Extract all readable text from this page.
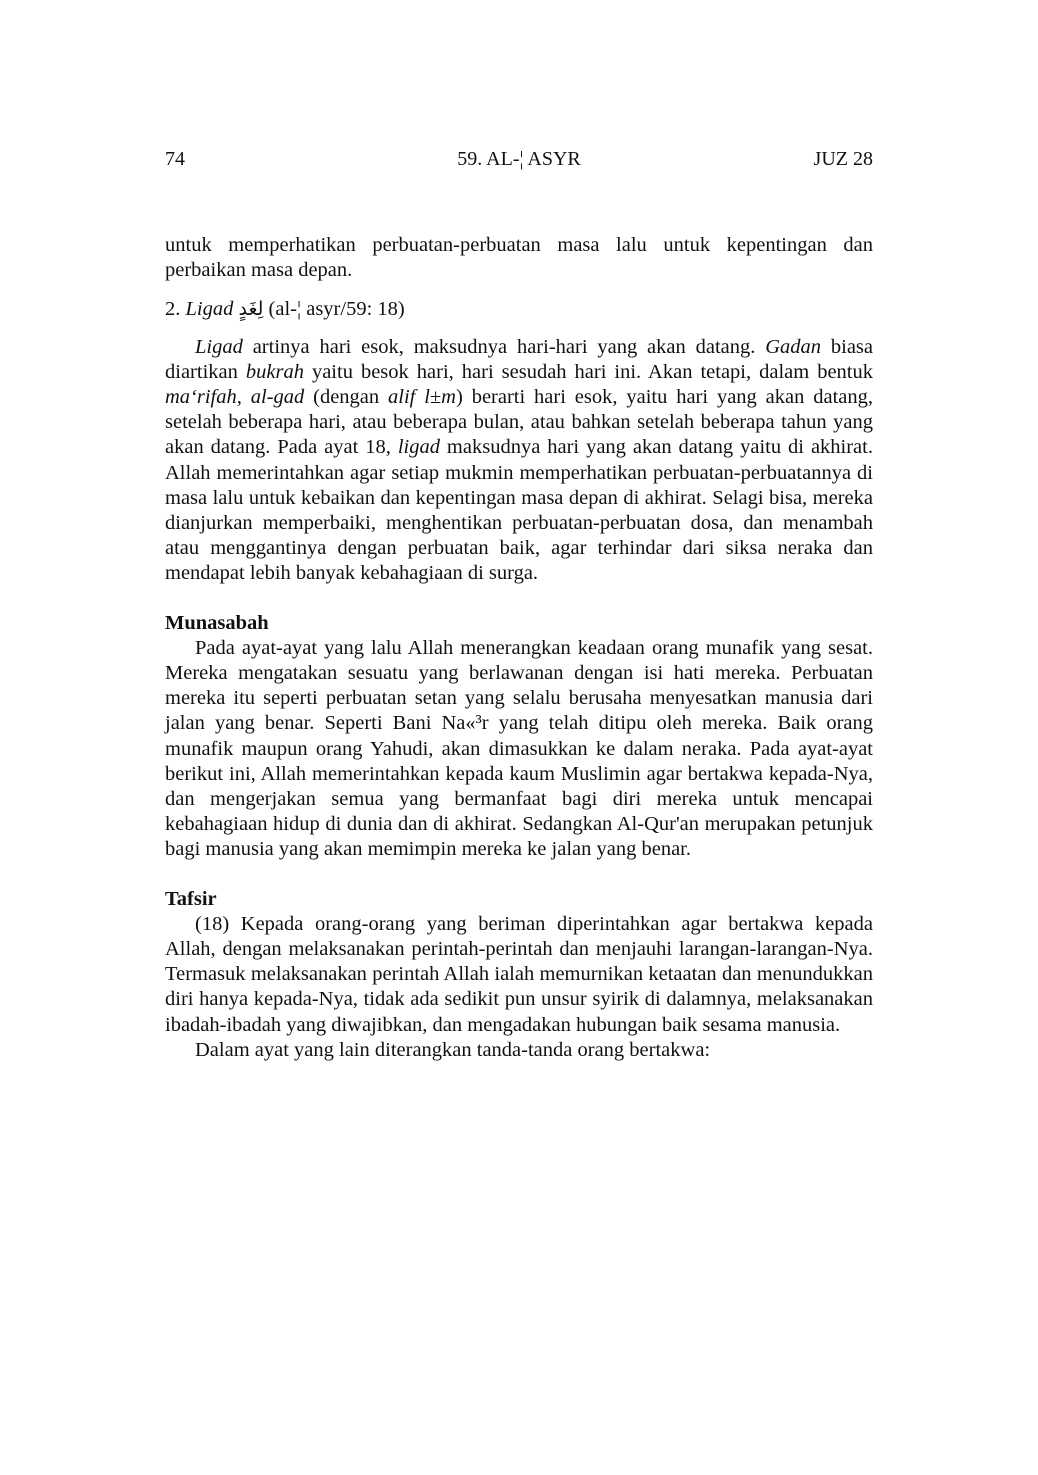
74	59. AL-¦ ASYR	JUZ 28

untuk memperhatikan perbuatan-perbuatan masa lalu untuk kepentingan dan perbaikan masa depan.

2. Ligad لِغَدٍ (al-¦ asyr/59: 18)

Ligad artinya hari esok, maksudnya hari-hari yang akan datang. Gadan biasa diartikan bukrah yaitu besok hari, hari sesudah hari ini. Akan tetapi, dalam bentuk ma‘rifah, al-gad (dengan alif l±m) berarti hari esok, yaitu hari yang akan datang, setelah beberapa hari, atau beberapa bulan, atau bahkan setelah beberapa tahun yang akan datang. Pada ayat 18, ligad maksudnya hari yang akan datang yaitu di akhirat. Allah memerintahkan agar setiap mukmin memperhatikan perbuatan-perbuatannya di masa lalu untuk kebaikan dan kepentingan masa depan di akhirat. Selagi bisa, mereka dianjurkan memperbaiki, menghentikan perbuatan-perbuatan dosa, dan menambah atau menggantinya dengan perbuatan baik, agar terhindar dari siksa neraka dan mendapat lebih banyak kebahagiaan di surga.

Munasabah

Pada ayat-ayat yang lalu Allah menerangkan keadaan orang munafik yang sesat. Mereka mengatakan sesuatu yang berlawanan dengan isi hati mereka. Perbuatan mereka itu seperti perbuatan setan yang selalu berusaha menyesatkan manusia dari jalan yang benar. Seperti Bani Na«³r yang telah ditipu oleh mereka. Baik orang munafik maupun orang Yahudi, akan dimasukkan ke dalam neraka. Pada ayat-ayat berikut ini, Allah memerintahkan kepada kaum Muslimin agar bertakwa kepada-Nya, dan mengerjakan semua yang bermanfaat bagi diri mereka untuk mencapai kebahagiaan hidup di dunia dan di akhirat. Sedangkan Al-Qur'an merupakan petunjuk bagi manusia yang akan memimpin mereka ke jalan yang benar.

Tafsir

(18) Kepada orang-orang yang beriman diperintahkan agar bertakwa kepada Allah, dengan melaksanakan perintah-perintah dan menjauhi larangan-larangan-Nya. Termasuk melaksanakan perintah Allah ialah memurnikan ketaatan dan menundukkan diri hanya kepada-Nya, tidak ada sedikit pun unsur syirik di dalamnya, melaksanakan ibadah-ibadah yang diwajibkan, dan mengadakan hubungan baik sesama manusia.

Dalam ayat yang lain diterangkan tanda-tanda orang bertakwa:
